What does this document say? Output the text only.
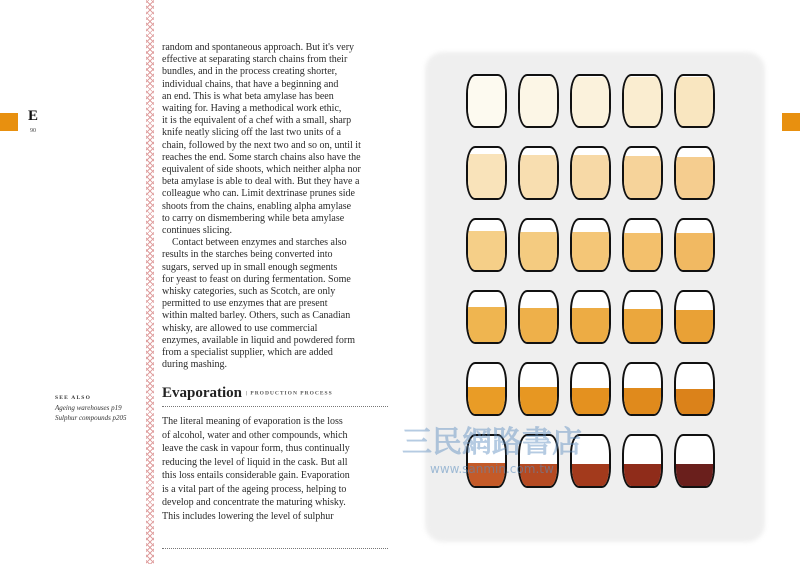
E
90
SEE ALSO
Ageing warehouses p19
Sulphur compounds p205
random and spontaneous approach. But it's very
effective at separating starch chains from their
bundles, and in the process creating shorter,
individual chains, that have a beginning and
an end. This is what beta amylase has been
waiting for. Having a methodical work ethic,
it is the equivalent of a chef with a small, sharp
knife neatly slicing off the last two units of a
chain, followed by the next two and so on, until it
reaches the end. Some starch chains also have the
equivalent of side shoots, which neither alpha nor
beta amylase is able to deal with. But they have a
colleague who can. Limit dextrinase prunes side
shoots from the chains, enabling alpha amylase
to carry on dismembering while beta amylase
continues slicing.
Contact between enzymes and starches also
results in the starches being converted into
sugars, served up in small enough segments
for yeast to feast on during fermentation. Some
whisky categories, such as Scotch, are only
permitted to use enzymes that are present
within malted barley. Others, such as Canadian
whisky, are allowed to use commercial
enzymes, available in liquid and powdered form
from a specialist supplier, which are added
during mashing.
Evaporation | PRODUCTION PROCESS
The literal meaning of evaporation is the loss
of alcohol, water and other compounds, which
leave the cask in vapour form, thus continually
reducing the level of liquid in the cask. But all
this loss entails considerable gain. Evaporation
is a vital part of the ageing process, helping to
develop and concentrate the maturing whisky.
This includes lowering the level of sulphur
三民網路書店
www.sanmin.com.tw
